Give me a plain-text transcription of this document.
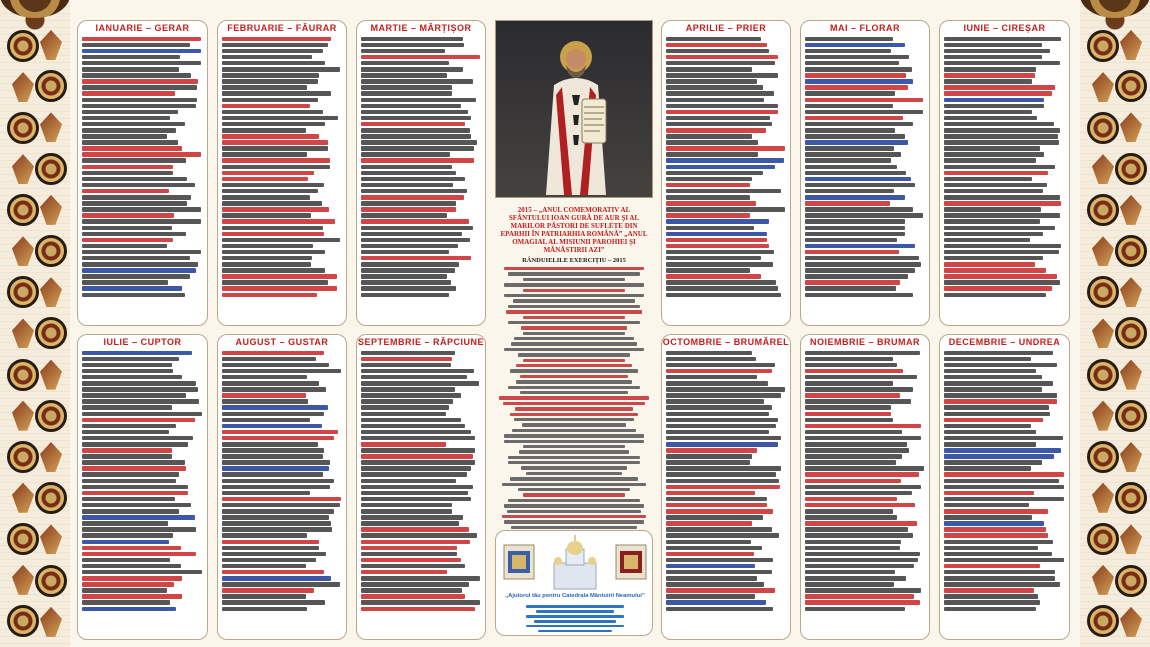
IANUARIE – GERAR	FEBRUARIE – FĂURAR	MARTIE – MĂRȚIȘOR	APRILIE – PRIER	MAI – FLORAR	IUNIE – CIREȘAR
IULIE – CUPTOR	AUGUST – GUSTAR	SEPTEMBRIE – RĂPCIUNE	OCTOMBRIE – BRUMĂREL	NOIEMBRIE – BRUMAR	DECEMBRIE – UNDREA
2015 – „ANUL COMEMORATIV AL SFÂNTULUI IOAN GURĂ DE AUR ȘI AL MARILOR PĂSTORI DE SUFLETE DIN EPARHII ÎN PATRIARHIA ROMÂNĂ” „ANUL OMAGIAL AL MISIUNII PAROHIEI ȘI MĂNĂSTIRII AZI”
RÂNDUIELILE EXERCIȚIU – 2015
„Ajutorul tău pentru Catedrala Mântuirii Neamului”
